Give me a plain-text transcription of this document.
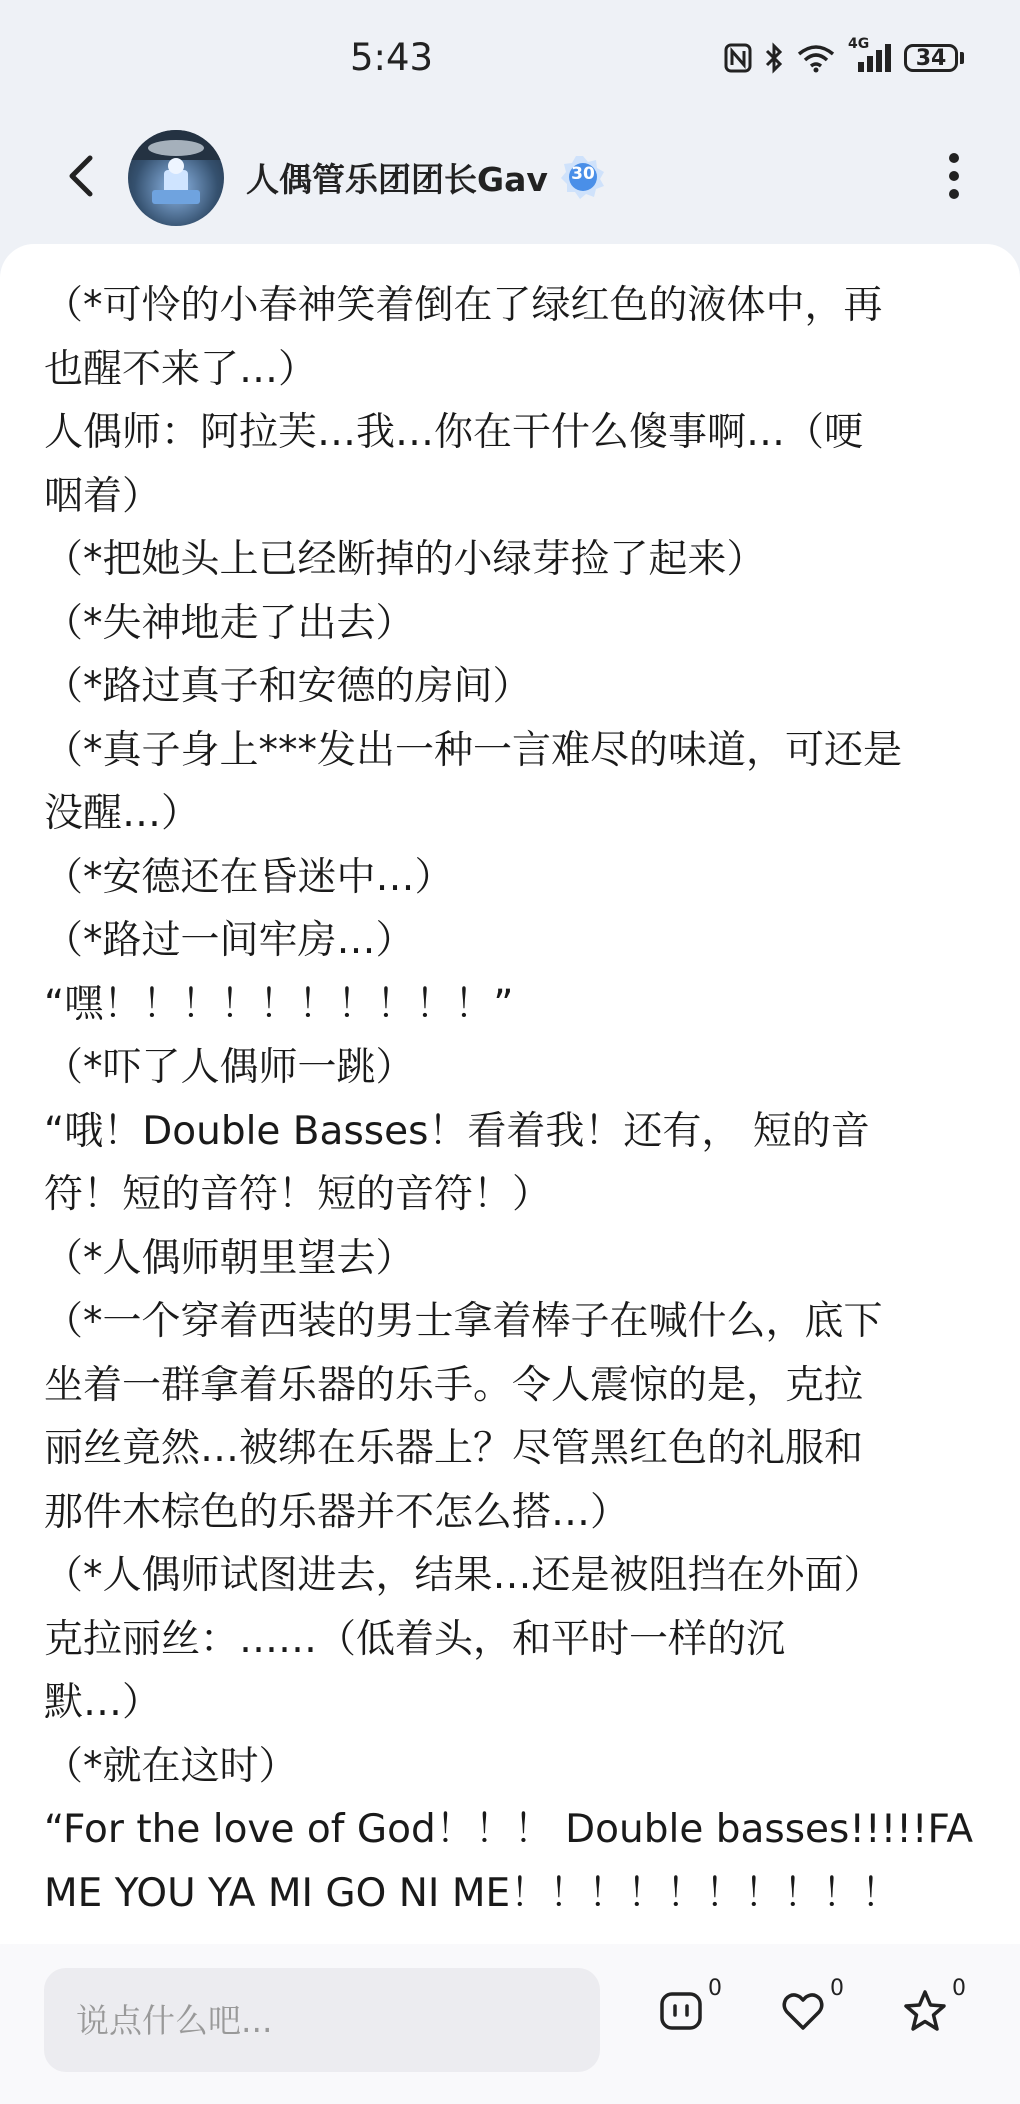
5:43	4G
34
人偶管乐团团长Gav	30
（*可怜的小春神笑着倒在了绿红色的液体中，再
也醒不来了…）
人偶师：阿拉芙…我…你在干什么傻事啊…（哽
咽着）
（*把她头上已经断掉的小绿芽捡了起来）
（*失神地走了出去）
（*路过真子和安德的房间）
（*真子身上***发出一种一言难尽的味道，可还是
没醒…）
（*安德还在昏迷中…）
（*路过一间牢房…）
“嘿！！！！！！！！！！”
（*吓了人偶师一跳）
“哦！Double Basses！看着我！还有， 短的音
符！短的音符！短的音符！）
（*人偶师朝里望去）
（*一个穿着西装的男士拿着棒子在喊什么，底下
坐着一群拿着乐器的乐手。令人震惊的是，克拉
丽丝竟然…被绑在乐器上？尽管黑红色的礼服和
那件木棕色的乐器并不怎么搭…）
（*人偶师试图进去，结果…还是被阻挡在外面）
克拉丽丝：……（低着头，和平时一样的沉
默…）
（*就在这时）
“For the love of God！！！ Double basses!!!!!FA
ME YOU YA MI GO NI ME！！！！！！！！！！
说点什么吧...
0	0	0
